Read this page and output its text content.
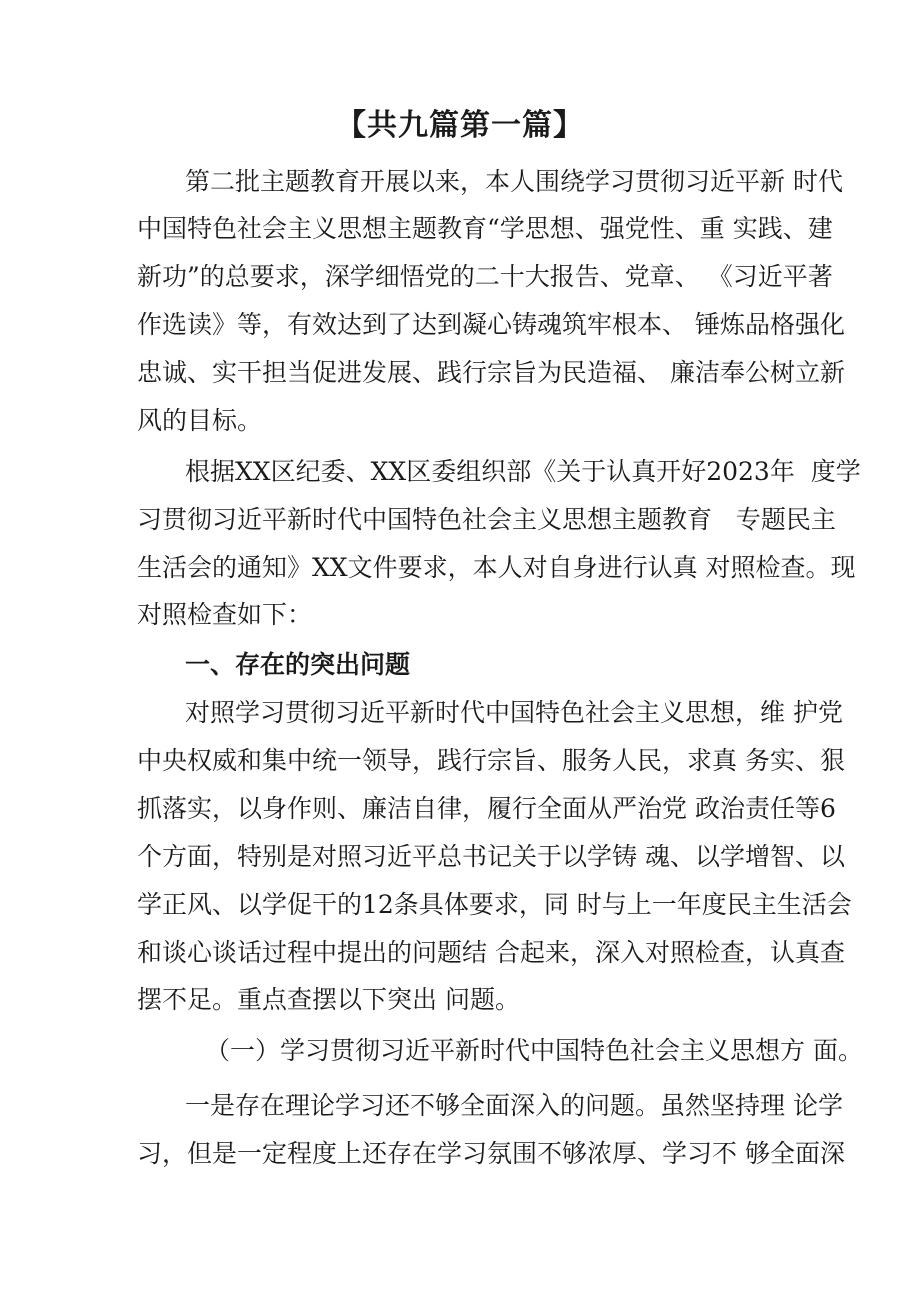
【共九篇第一篇】

第二批主题教育开展以来，本人围绕学习贯彻习近平新 时代

中国特色社会主义思想主题教育“学思想、强党性、重 实践、建

新功”的总要求，深学细悟党的二十大报告、党章、 《习近平著

作选读》等，有效达到了达到凝心铸魂筑牢根本、 锤炼品格强化

忠诚、实干担当促进发展、践行宗旨为民造福、 廉洁奉公树立新

风的目标。

根据XX区纪委、XX区委组织部《关于认真开好2023年  度学

习贯彻习近平新时代中国特色社会主义思想主题教育   专题民主

生活会的通知》XX文件要求，本人对自身进行认真 对照检查。现

对照检查如下：

一、存在的突出问题

对照学习贯彻习近平新时代中国特色社会主义思想，维 护党

中央权威和集中统一领导，践行宗旨、服务人民，求真 务实、狠

抓落实，以身作则、廉洁自律，履行全面从严治党 政治责任等6

个方面，特别是对照习近平总书记关于以学铸 魂、以学增智、以

学正风、以学促干的12条具体要求，同 时与上一年度民主生活会

和谈心谈话过程中提出的问题结 合起来，深入对照检查，认真查

摆不足。重点查摆以下突出 问题。

（一）学习贯彻习近平新时代中国特色社会主义思想方 面。

一是存在理论学习还不够全面深入的问题。虽然坚持理 论学

习，但是一定程度上还存在学习氛围不够浓厚、学习不 够全面深
